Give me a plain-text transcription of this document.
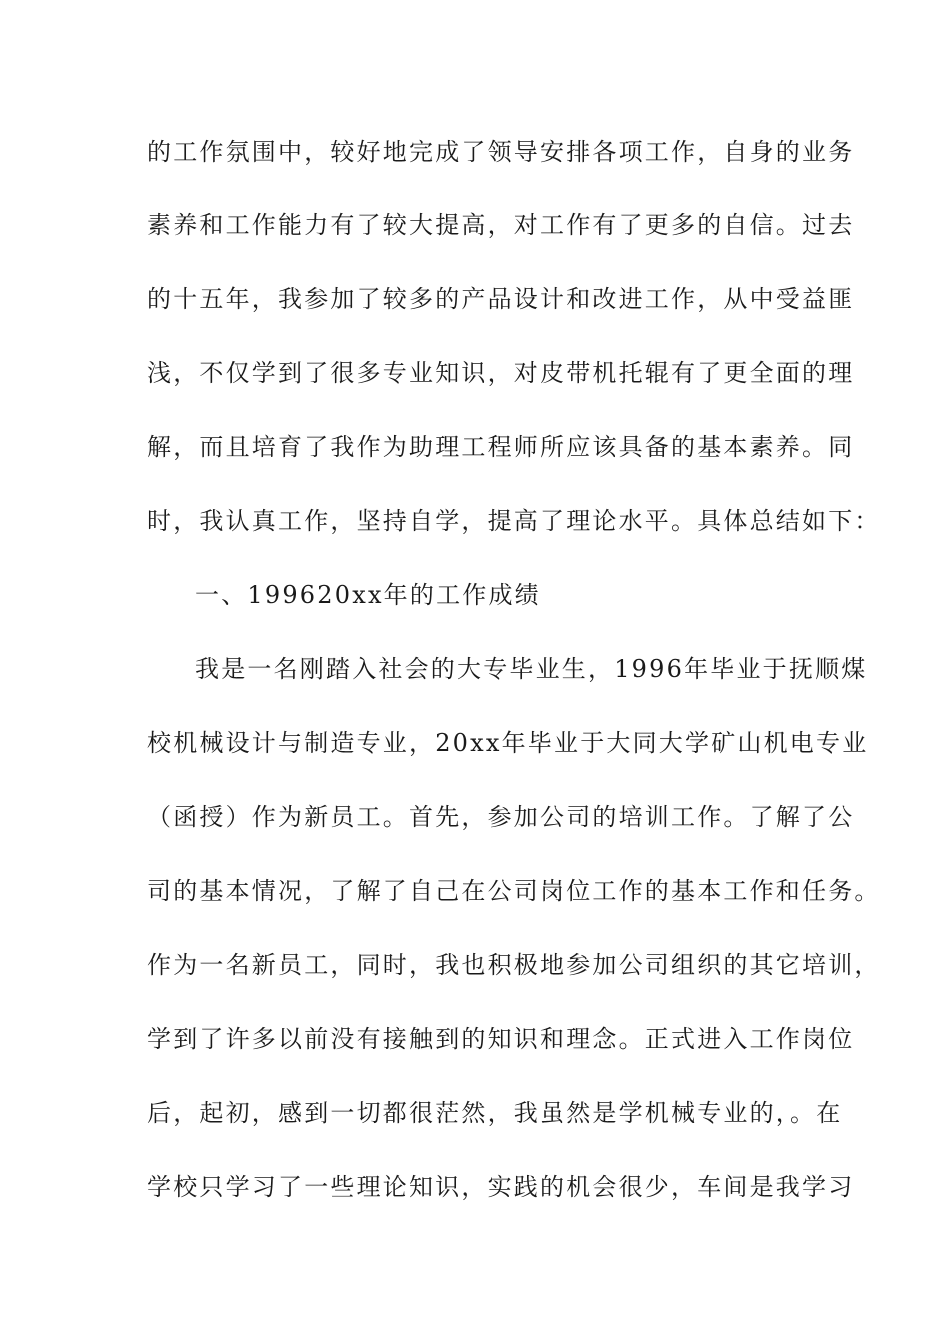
的工作氛围中，较好地完成了领导安排各项工作，自身的业务
素养和工作能力有了较大提高，对工作有了更多的自信。过去
的十五年，我参加了较多的产品设计和改进工作，从中受益匪
浅，不仅学到了很多专业知识，对皮带机托辊有了更全面的理
解，而且培育了我作为助理工程师所应该具备的基本素养。同
时，我认真工作，坚持自学，提高了理论水平。具体总结如下：
一、199620xx年的工作成绩
我是一名刚踏入社会的大专毕业生，1996年毕业于抚顺煤
校机械设计与制造专业，20xx年毕业于大同大学矿山机电专业
（函授）作为新员工。首先，参加公司的培训工作。了解了公
司的基本情况，了解了自己在公司岗位工作的基本工作和任务。
作为一名新员工，同时，我也积极地参加公司组织的其它培训，
学到了许多以前没有接触到的知识和理念。正式进入工作岗位
后，起初，感到一切都很茫然，我虽然是学机械专业的，。在
学校只学习了一些理论知识，实践的机会很少，车间是我学习
